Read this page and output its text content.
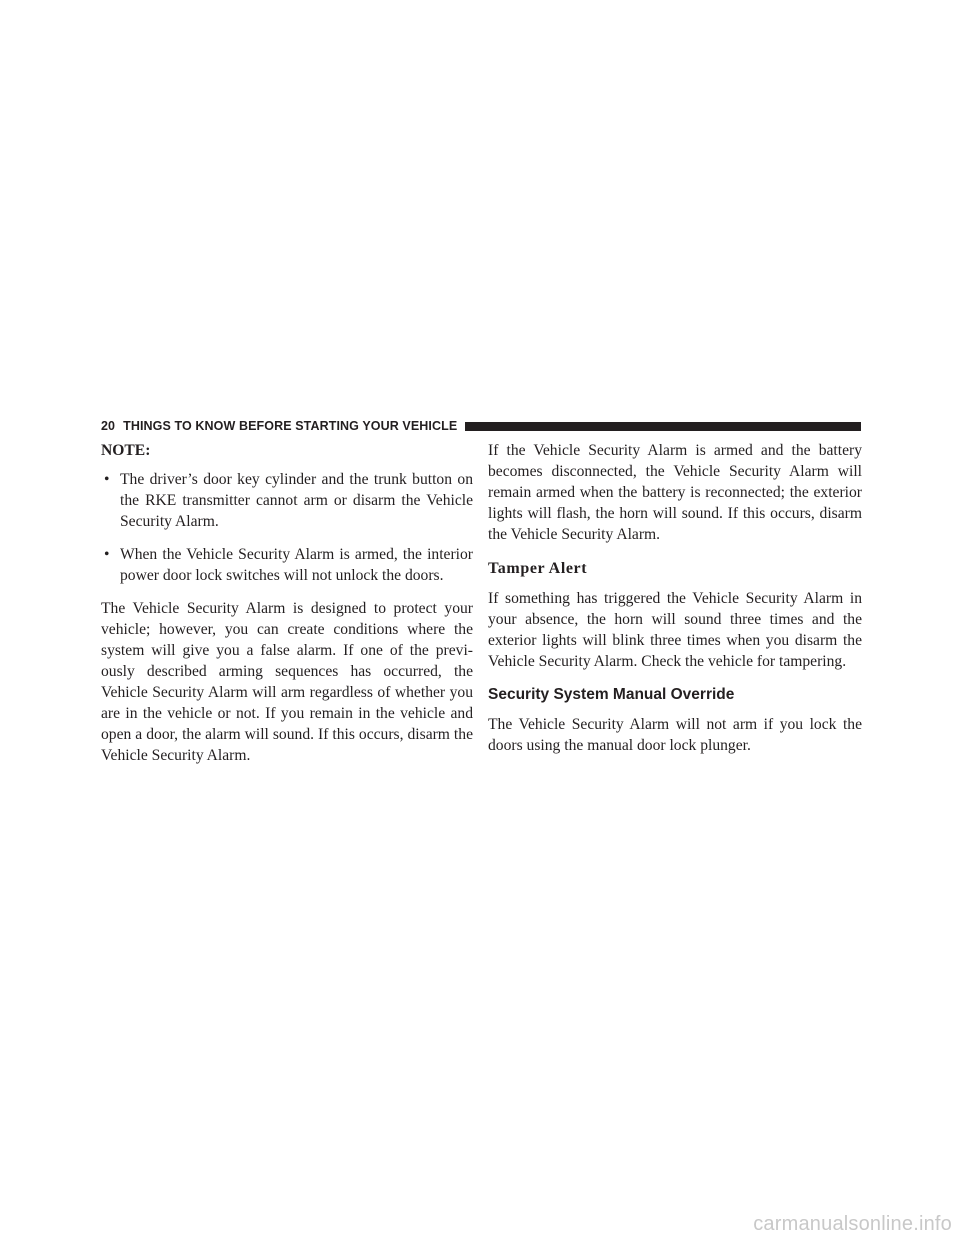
20 THINGS TO KNOW BEFORE STARTING YOUR VEHICLE
NOTE:
• The driver’s door key cylinder and the trunk button on the RKE transmitter cannot arm or disarm the Vehicle Security Alarm.
• When the Vehicle Security Alarm is armed, the interior power door lock switches will not unlock the doors.

The Vehicle Security Alarm is designed to protect your vehicle; however, you can create conditions where the system will give you a false alarm. If one of the previ-ously described arming sequences has occurred, the Vehicle Security Alarm will arm regardless of whether you are in the vehicle or not. If you remain in the vehicle and open a door, the alarm will sound. If this occurs, disarm the Vehicle Security Alarm.

If the Vehicle Security Alarm is armed and the battery becomes disconnected, the Vehicle Security Alarm will remain armed when the battery is reconnected; the exterior lights will flash, the horn will sound. If this occurs, disarm the Vehicle Security Alarm.

Tamper Alert

If something has triggered the Vehicle Security Alarm in your absence, the horn will sound three times and the exterior lights will blink three times when you disarm the Vehicle Security Alarm. Check the vehicle for tampering.

Security System Manual Override

The Vehicle Security Alarm will not arm if you lock the doors using the manual door lock plunger.

carmanualsonline.info
